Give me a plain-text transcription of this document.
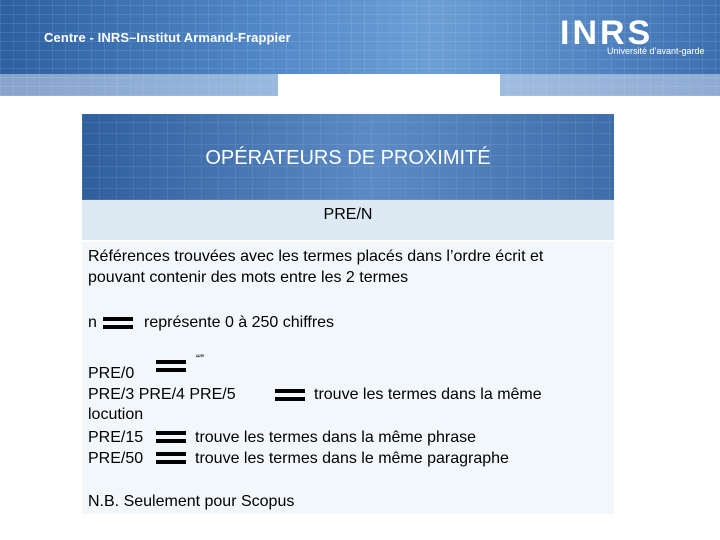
Centre - INRS–Institut Armand-Frappier	INRS
Université d’avant-garde
OPÉRATEURS DE PROXIMITÉ
PRE/N
Références trouvées avec les termes placés dans l’ordre écrit et
pouvant contenir des mots entre les 2 termes
n	représente 0 à 250 chiffres
PRE/0
“”
PRE/3 PRE/4 PRE/5	trouve les termes dans la même
locution
PRE/15	trouve les termes dans la même phrase
PRE/50	trouve les termes dans le même paragraphe
N.B. Seulement pour Scopus
